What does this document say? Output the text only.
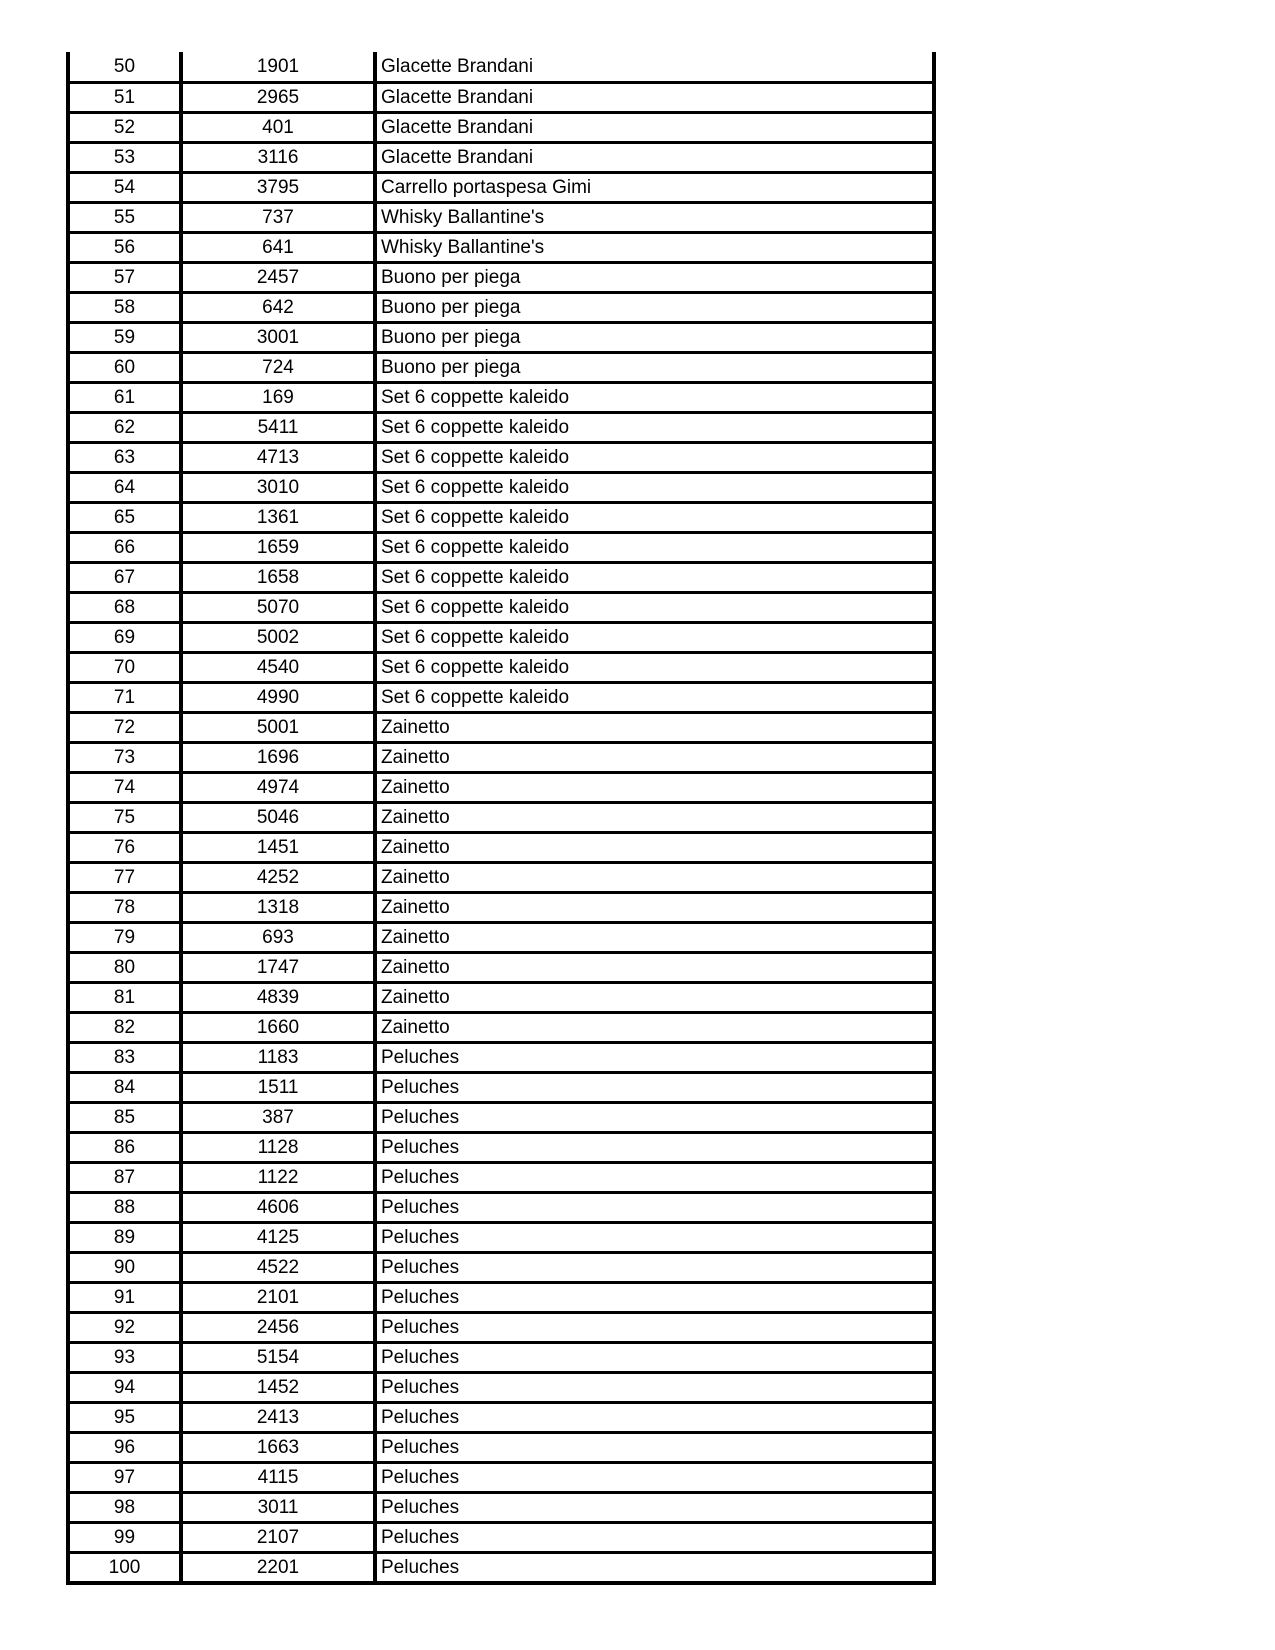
50	1901	Glacette Brandani
51	2965	Glacette Brandani
52	401	Glacette Brandani
53	3116	Glacette Brandani
54	3795	Carrello portaspesa Gimi
55	737	Whisky Ballantine's
56	641	Whisky Ballantine's
57	2457	Buono per piega
58	642	Buono per piega
59	3001	Buono per piega
60	724	Buono per piega
61	169	Set 6 coppette kaleido
62	5411	Set 6 coppette kaleido
63	4713	Set 6 coppette kaleido
64	3010	Set 6 coppette kaleido
65	1361	Set 6 coppette kaleido
66	1659	Set 6 coppette kaleido
67	1658	Set 6 coppette kaleido
68	5070	Set 6 coppette kaleido
69	5002	Set 6 coppette kaleido
70	4540	Set 6 coppette kaleido
71	4990	Set 6 coppette kaleido
72	5001	Zainetto
73	1696	Zainetto
74	4974	Zainetto
75	5046	Zainetto
76	1451	Zainetto
77	4252	Zainetto
78	1318	Zainetto
79	693	Zainetto
80	1747	Zainetto
81	4839	Zainetto
82	1660	Zainetto
83	1183	Peluches
84	1511	Peluches
85	387	Peluches
86	1128	Peluches
87	1122	Peluches
88	4606	Peluches
89	4125	Peluches
90	4522	Peluches
91	2101	Peluches
92	2456	Peluches
93	5154	Peluches
94	1452	Peluches
95	2413	Peluches
96	1663	Peluches
97	4115	Peluches
98	3011	Peluches
99	2107	Peluches
100	2201	Peluches
